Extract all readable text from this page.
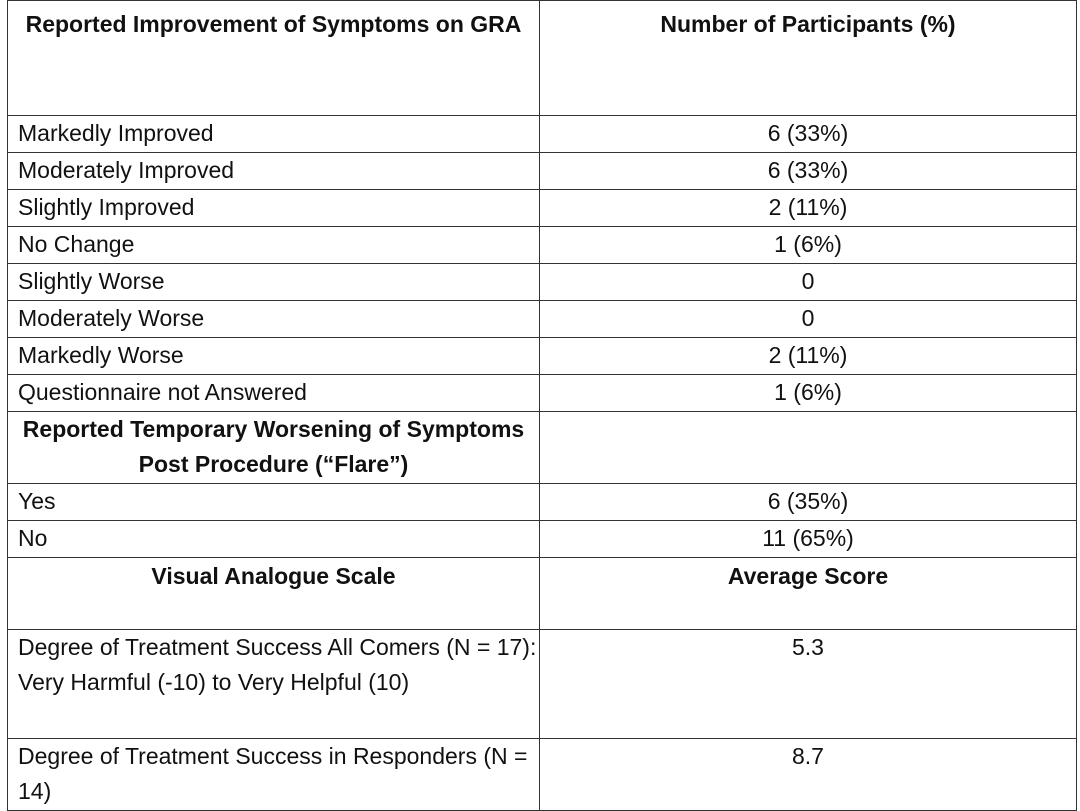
Reported Improvement of Symptoms on GRA	Number of Participants (%)
Markedly Improved	6 (33%)
Moderately Improved	6 (33%)
Slightly Improved	2 (11%)
No Change	1 (6%)
Slightly Worse	0
Moderately Worse	0
Markedly Worse	2 (11%)
Questionnaire not Answered	1 (6%)
Reported Temporary Worsening of Symptoms Post Procedure (“Flare”)	
Yes	6 (35%)
No	11 (65%)
Visual Analogue Scale	Average Score
Degree of Treatment Success All Comers (N = 17): Very Harmful (-10) to Very Helpful (10)	5.3
Degree of Treatment Success in Responders (N = 14)	8.7
